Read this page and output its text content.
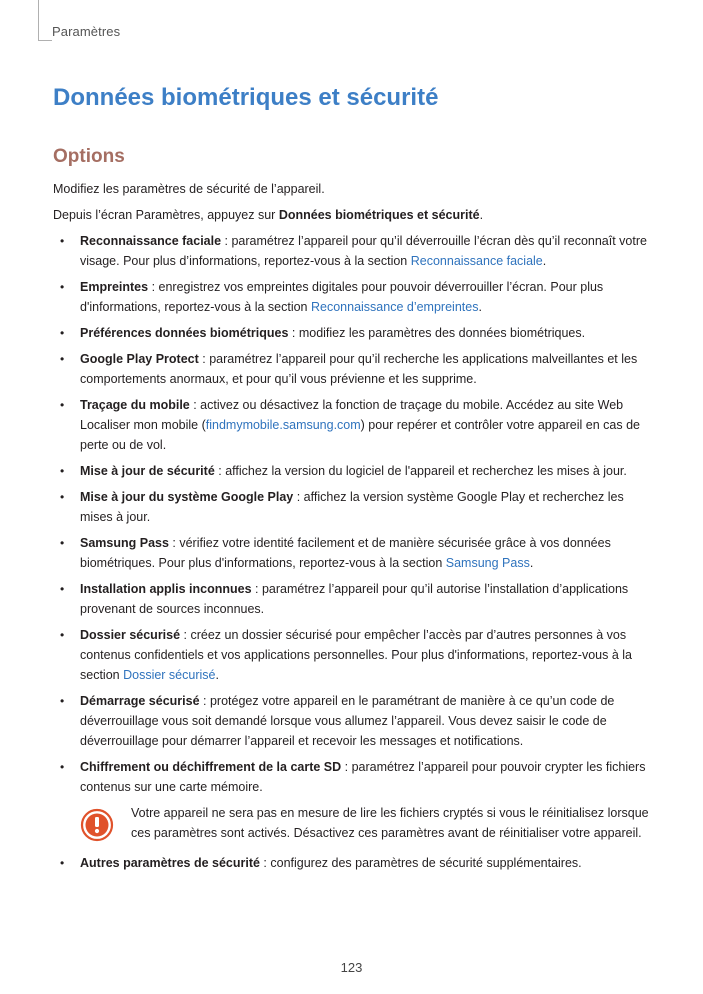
Paramètres
Données biométriques et sécurité
Options

Modifiez les paramètres de sécurité de l’appareil.

Depuis l’écran Paramètres, appuyez sur Données biométriques et sécurité.

• Reconnaissance faciale : paramétrez l’appareil pour qu’il déverrouille l’écran dès qu’il reconnaît votre visage. Pour plus d’informations, reportez-vous à la section Reconnaissance faciale.
• Empreintes : enregistrez vos empreintes digitales pour pouvoir déverrouiller l’écran. Pour plus d'informations, reportez-vous à la section Reconnaissance d’empreintes.
• Préférences données biométriques : modifiez les paramètres des données biométriques.
• Google Play Protect : paramétrez l’appareil pour qu’il recherche les applications malveillantes et les comportements anormaux, et pour qu’il vous prévienne et les supprime.
• Traçage du mobile : activez ou désactivez la fonction de traçage du mobile. Accédez au site Web Localiser mon mobile (findmymobile.samsung.com) pour repérer et contrôler votre appareil en cas de perte ou de vol.
• Mise à jour de sécurité : affichez la version du logiciel de l'appareil et recherchez les mises à jour.
• Mise à jour du système Google Play : affichez la version système Google Play et recherchez les mises à jour.
• Samsung Pass : vérifiez votre identité facilement et de manière sécurisée grâce à vos données biométriques. Pour plus d'informations, reportez-vous à la section Samsung Pass.
• Installation applis inconnues : paramétrez l’appareil pour qu’il autorise l’installation d’applications provenant de sources inconnues.
• Dossier sécurisé : créez un dossier sécurisé pour empêcher l’accès par d’autres personnes à vos contenus confidentiels et vos applications personnelles. Pour plus d'informations, reportez-vous à la section Dossier sécurisé.
• Démarrage sécurisé : protégez votre appareil en le paramétrant de manière à ce qu’un code de déverrouillage vous soit demandé lorsque vous allumez l’appareil. Vous devez saisir le code de déverrouillage pour démarrer l’appareil et recevoir les messages et notifications.
• Chiffrement ou déchiffrement de la carte SD : paramétrez l’appareil pour pouvoir crypter les fichiers contenus sur une carte mémoire.

Votre appareil ne sera pas en mesure de lire les fichiers cryptés si vous le réinitialisez lorsque ces paramètres sont activés. Désactivez ces paramètres avant de réinitialiser votre appareil.

• Autres paramètres de sécurité : configurez des paramètres de sécurité supplémentaires.
123
